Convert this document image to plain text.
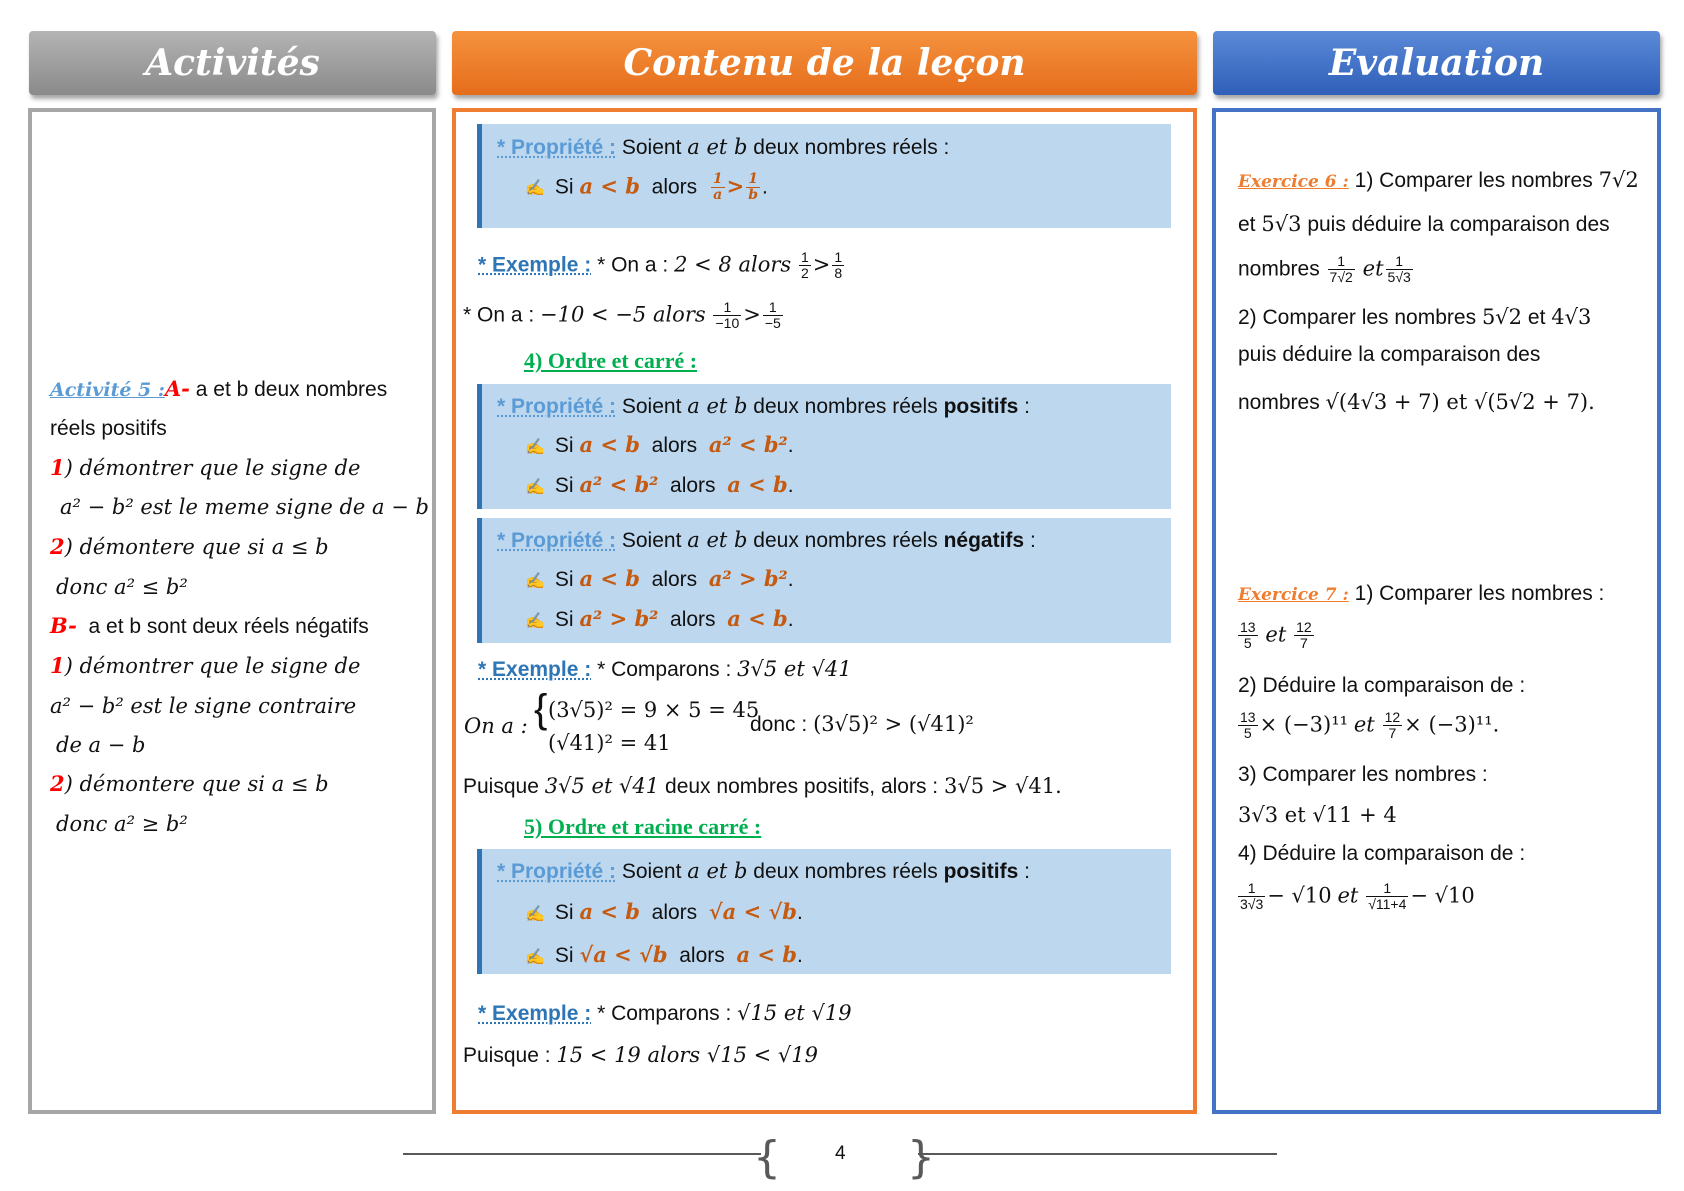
Activités	Contenu de la leçon	Evaluation
Activité 5 :A- a et b deux nombres
réels positifs
1) démontrer que le signe de
a² − b² est le meme signe de a − b
2) démontere que si a ≤ b
donc a² ≤ b²
B- a et b sont deux réels négatifs
1) démontrer que le signe de
a² − b² est le signe contraire
de a − b
2) démontere que si a ≤ b
donc a² ≥ b²
* Propriété : Soient a et b deux nombres réels :
✍ Si a < b alors $\frac{1}{a} > \frac{1}{b}$ .
* Exemple : * On a : 2 < 8 alors $\frac{1}{2} > \frac{1}{8}$
* On a : −10 < −5 alors $\frac{1}{-10} > \frac{1}{-5}$
4) Ordre et carré :
* Propriété : Soient a et b deux nombres réels positifs :
✍ Si a < b alors a² < b².
✍ Si a² < b² alors a < b.
* Propriété : Soient a et b deux nombres réels négatifs :
✍ Si a < b alors a² > b².
✍ Si a² > b² alors a < b.
* Exemple : * Comparons : 3√5 et √41
On a : { (3√5)² = 9 × 5 = 45
(√41)² = 41
donc : (3√5)² > (√41)²
Puisque 3√5 et √41 deux nombres positifs, alors : 3√5 > √41.
5) Ordre et racine carré :
* Propriété : Soient a et b deux nombres réels positifs :
✍ Si a < b alors √a < √b.
✍ Si √a < √b alors a < b.
* Exemple : * Comparons : √15 et √19
Puisque : 15 < 19 alors √15 < √19
Exercice 6 : 1) Comparer les nombres 7√2
et 5√3 puis déduire la comparaison des
nombres $\frac{1}{7√2}$ et $\frac{1}{5√3}$
2) Comparer les nombres 5√2 et 4√3
puis déduire la comparaison des
nombres √(4√3 + 7) et √(5√2 + 7).
Exercice 7 : 1) Comparer les nombres :
$\frac{13}{5}$ et $\frac{12}{7}$
2) Déduire la comparaison de :
$\frac{13}{5} \times (-3)^{11}$ et $\frac{12}{7} \times (-3)^{11}$.
3) Comparer les nombres :
3√3 et √11 + 4
4) Déduire la comparaison de :
$\frac{1}{3√3} - √10$ et $\frac{1}{√11+4} - √10$
{	}
4
